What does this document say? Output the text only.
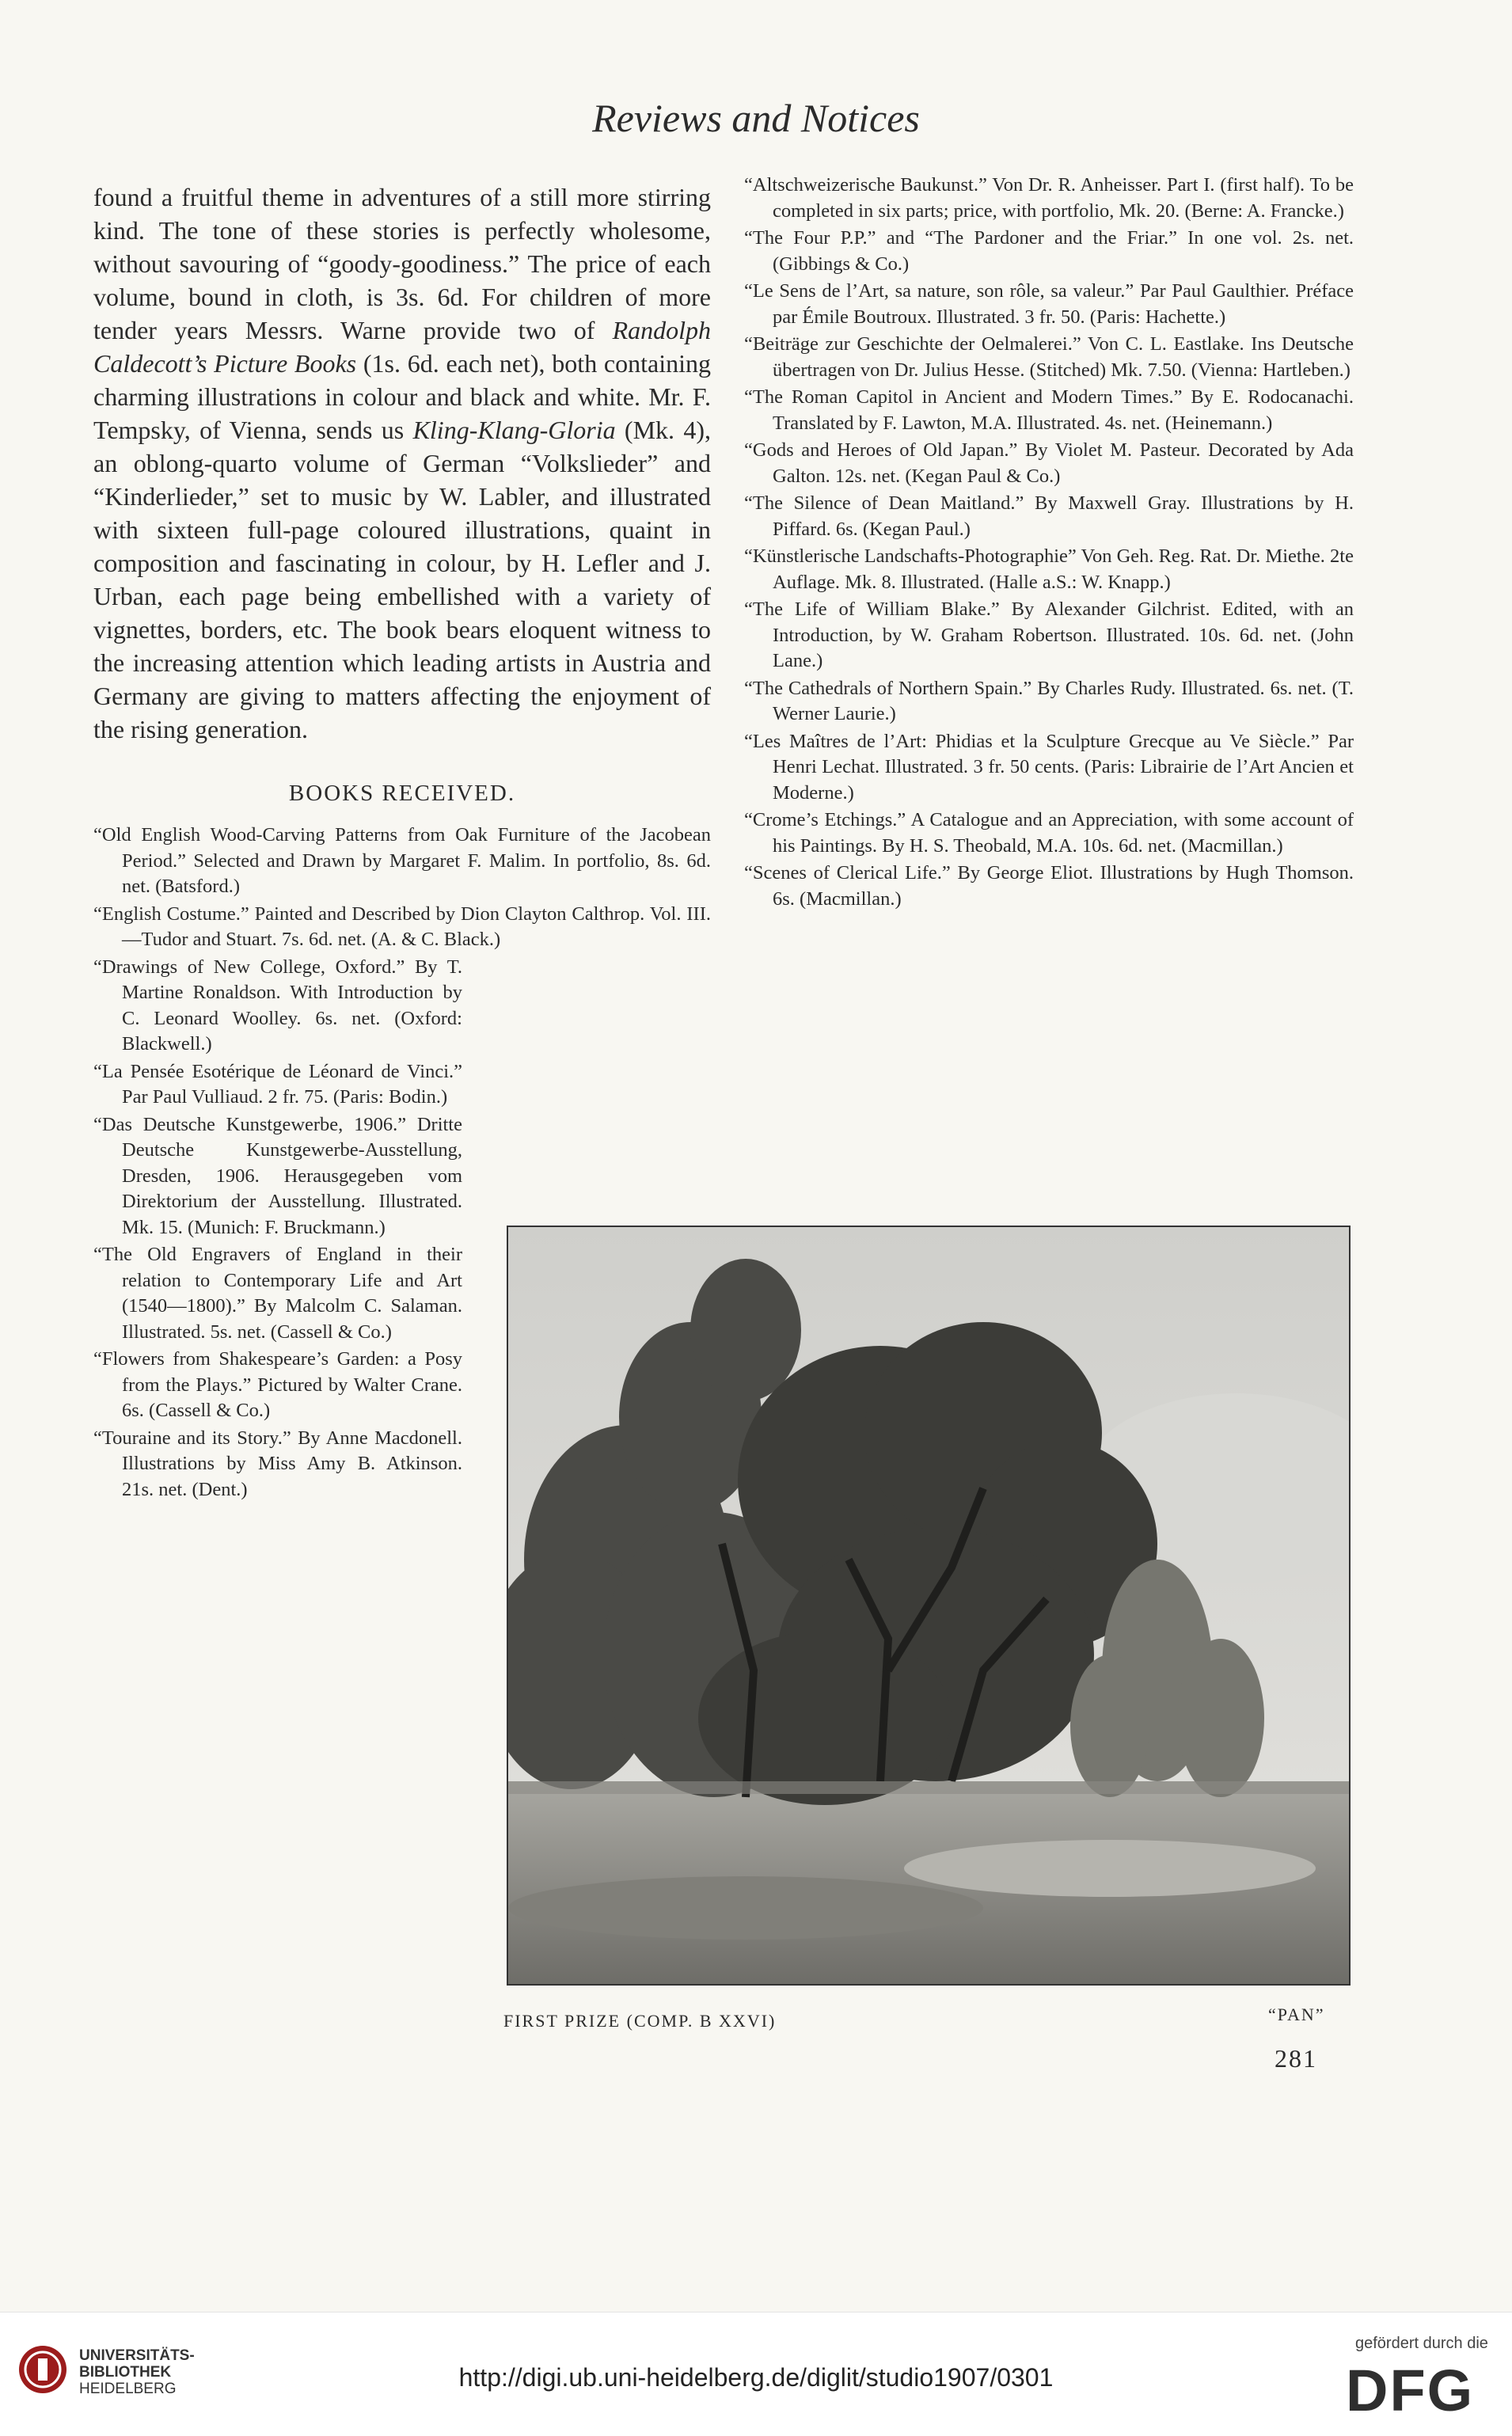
Reviews and Notices

found a fruitful theme in adventures of a still more stirring kind. The tone of these stories is perfectly wholesome, without savouring of “goody-goodiness.” The price of each volume, bound in cloth, is 3s. 6d. For children of more tender years Messrs. Warne provide two of Randolph Caldecott’s Picture Books (1s. 6d. each net), both containing charming illustrations in colour and black and white. Mr. F. Tempsky, of Vienna, sends us Kling-Klang-Gloria (Mk. 4), an oblong-quarto volume of German “Volkslieder” and “Kinderlieder,” set to music by W. Labler, and illustrated with sixteen full-page coloured illustrations, quaint in composition and fascinating in colour, by H. Lefler and J. Urban, each page being embellished with a variety of vignettes, borders, etc. The book bears eloquent witness to the increasing attention which leading artists in Austria and Germany are giving to matters affecting the enjoyment of the rising generation.

BOOKS RECEIVED.

“Old English Wood-Carving Patterns from Oak Furniture of the Jacobean Period.” Selected and Drawn by Margaret F. Malim. In portfolio, 8s. 6d. net. (Batsford.)

“English Costume.” Painted and Described by Dion Clayton Calthrop. Vol. III.—Tudor and Stuart. 7s. 6d. net. (A. & C. Black.)

“Drawings of New College, Oxford.” By T. Martine Ronaldson. With Introduction by C. Leonard Woolley. 6s. net. (Oxford: Blackwell.)

“La Pensée Esotérique de Léonard de Vinci.” Par Paul Vulliaud. 2 fr. 75. (Paris: Bodin.)

“Das Deutsche Kunstgewerbe, 1906.” Dritte Deutsche Kunstgewerbe-Ausstellung, Dresden, 1906. Herausgegeben vom Direktorium der Ausstellung. Illustrated. Mk. 15. (Munich: F. Bruckmann.)

“The Old Engravers of England in their relation to Contemporary Life and Art (1540—1800).” By Malcolm C. Salaman. Illustrated. 5s. net. (Cassell & Co.)

“Flowers from Shakespeare’s Garden: a Posy from the Plays.” Pictured by Walter Crane. 6s. (Cassell & Co.)

“Touraine and its Story.” By Anne Macdonell. Illustrations by Miss Amy B. Atkinson. 21s. net. (Dent.)

“Altschweizerische Baukunst.” Von Dr. R. Anheisser. Part I. (first half). To be completed in six parts; price, with portfolio, Mk. 20. (Berne: A. Francke.)

“The Four P.P.” and “The Pardoner and the Friar.” In one vol. 2s. net. (Gibbings & Co.)

“Le Sens de l’Art, sa nature, son rôle, sa valeur.” Par Paul Gaulthier. Préface par Émile Boutroux. Illustrated. 3 fr. 50. (Paris: Hachette.)

“Beiträge zur Geschichte der Oelmalerei.” Von C. L. Eastlake. Ins Deutsche übertragen von Dr. Julius Hesse. (Stitched) Mk. 7.50. (Vienna: Hartleben.)

“The Roman Capitol in Ancient and Modern Times.” By E. Rodocanachi. Translated by F. Lawton, M.A. Illustrated. 4s. net. (Heinemann.)

“Gods and Heroes of Old Japan.” By Violet M. Pasteur. Decorated by Ada Galton. 12s. net. (Kegan Paul & Co.)

“The Silence of Dean Maitland.” By Maxwell Gray. Illustrations by H. Piffard. 6s. (Kegan Paul.)

“Künstlerische Landschafts-Photographie” Von Geh. Reg. Rat. Dr. Miethe. 2te Auflage. Mk. 8. Illustrated. (Halle a.S.: W. Knapp.)

“The Life of William Blake.” By Alexander Gilchrist. Edited, with an Introduction, by W. Graham Robertson. Illustrated. 10s. 6d. net. (John Lane.)

“The Cathedrals of Northern Spain.” By Charles Rudy. Illustrated. 6s. net. (T. Werner Laurie.)

“Les Maîtres de l’Art: Phidias et la Sculpture Grecque au Ve Siècle.” Par Henri Lechat. Illustrated. 3 fr. 50 cents. (Paris: Librairie de l’Art Ancien et Moderne.)

“Crome’s Etchings.” A Catalogue and an Appreciation, with some account of his Paintings. By H. S. Theobald, M.A. 10s. 6d. net. (Macmillan.)

“Scenes of Clerical Life.” By George Eliot. Illustrations by Hugh Thomson. 6s. (Macmillan.)

FIRST PRIZE (COMP. B XXVI)	“PAN”
281
UNIVERSITÄTS-
BIBLIOTHEK
HEIDELBERG	http://digi.ub.uni-heidelberg.de/diglit/studio1907/0301
gefördert durch die
DFG
